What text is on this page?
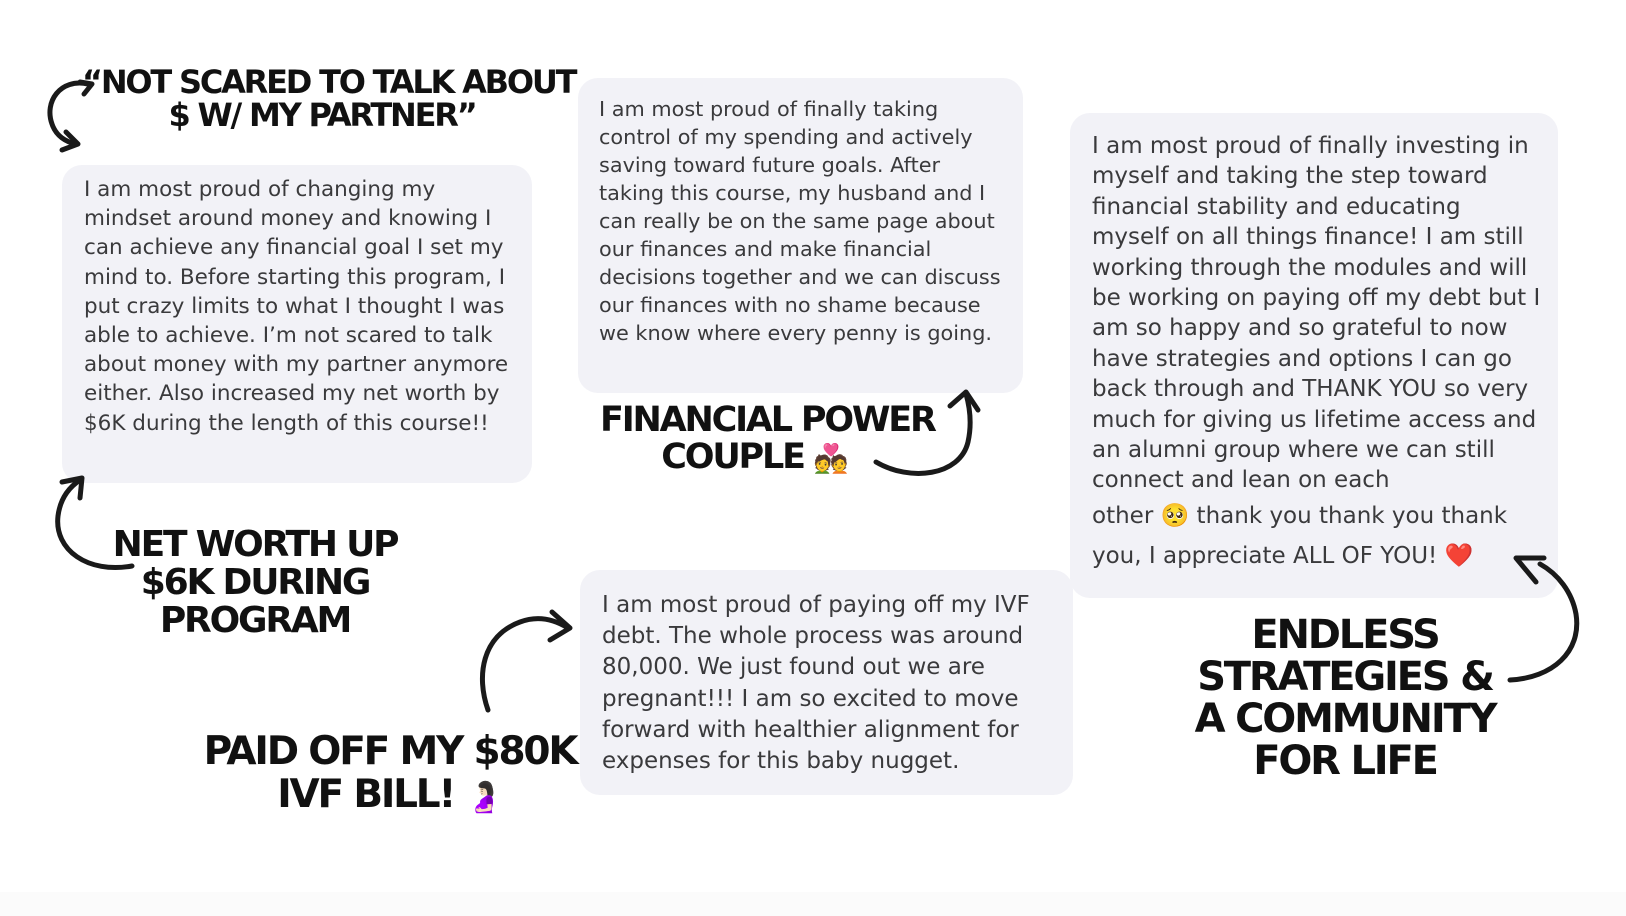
I am most proud of changing my mindset around money and knowing I can achieve any financial goal I set my mind to. Before starting this program, I put crazy limits to what I thought I was able to achieve. I’m not scared to talk about money with my partner anymore either. Also increased my net worth by $6K during the length of this course!!

I am most proud of finally taking control of my spending and actively saving toward future goals. After taking this course, my husband and I can really be on the same page about our finances and make financial decisions together and we can discuss our finances with no shame because we know where every penny is going.

I am most proud of finally investing in myself and taking the step toward financial stability and educating myself on all things finance! I am still working through the modules and will be working on paying off my debt but I am so happy and so grateful to now have strategies and options I can go back through and THANK YOU so very much for giving us lifetime access and an alumni group where we can still connect and lean on each
other 🥺 thank you thank you thank
you, I appreciate ALL OF YOU! ❤️

I am most proud of paying off my IVF debt. The whole process was around 80,000. We just found out we are pregnant!!! I am so excited to move forward with healthier alignment for expenses for this baby nugget.

“NOT SCARED TO TALK ABOUT
$ W/ MY PARTNER”
NET WORTH UP
$6K DURING
PROGRAM
FINANCIAL POWER
COUPLE 💑
PAID OFF MY $80K
IVF BILL! 🤰🏻
ENDLESS
STRATEGIES &
A COMMUNITY
FOR LIFE
